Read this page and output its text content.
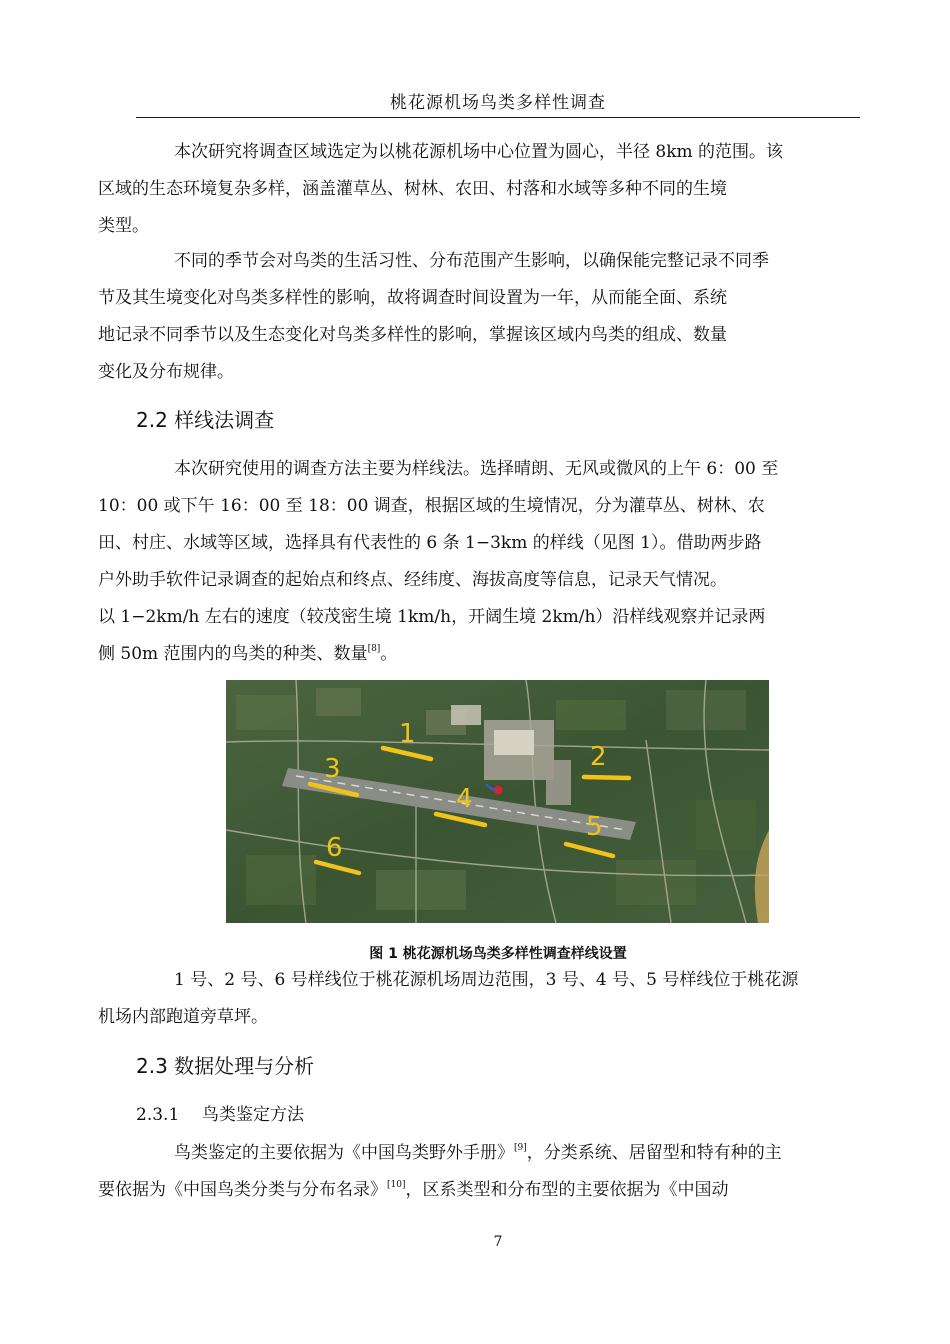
桃花源机场鸟类多样性调查

本次研究将调查区域选定为以桃花源机场中心位置为圆心，半径 8km 的范围。该
区域的生态环境复杂多样，涵盖灌草丛、树林、农田、村落和水域等多种不同的生境
类型。

不同的季节会对鸟类的生活习性、分布范围产生影响，以确保能完整记录不同季
节及其生境变化对鸟类多样性的影响，故将调查时间设置为一年，从而能全面、系统
地记录不同季节以及生态变化对鸟类多样性的影响，掌握该区域内鸟类的组成、数量
变化及分布规律。

2.2 样线法调查

本次研究使用的调查方法主要为样线法。选择晴朗、无风或微风的上午 6：00 至
10：00 或下午 16：00 至 18：00 调查，根据区域的生境情况，分为灌草丛、树林、农
田、村庄、水域等区域，选择具有代表性的 6 条 1−3km 的样线（见图 1）。借助两步路
户外助手软件记录调查的起始点和终点、经纬度、海拔高度等信息，记录天气情况。
以 1−2km/h 左右的速度（较茂密生境 1km/h，开阔生境 2km/h）沿样线观察并记录两
侧 50m 范围内的鸟类的种类、数量[8]。

1
2
3
4
5
6
图 1 桃花源机场鸟类多样性调查样线设置

1 号、2 号、6 号样线位于桃花源机场周边范围，3 号、4 号、5 号样线位于桃花源
机场内部跑道旁草坪。

2.3 数据处理与分析
2.3.1 鸟类鉴定方法

鸟类鉴定的主要依据为《中国鸟类野外手册》[9]，分类系统、居留型和特有种的主
要依据为《中国鸟类分类与分布名录》[10]，区系类型和分布型的主要依据为《中国动

7
